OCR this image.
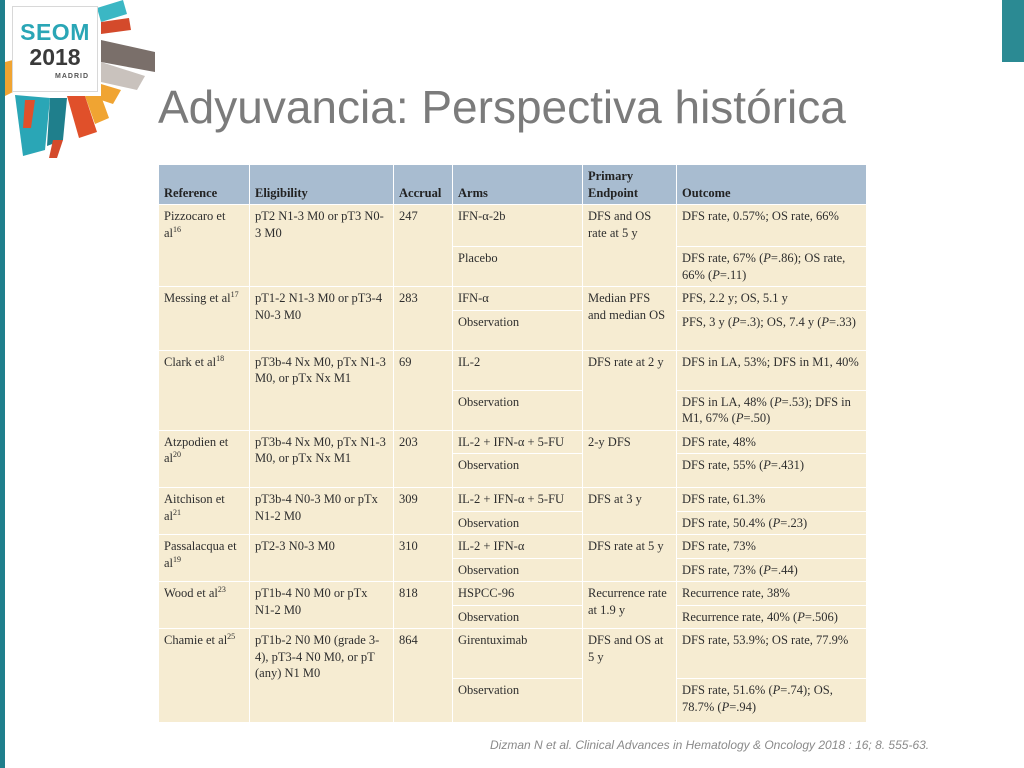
SEOM
2018
MADRID
Adyuvancia: Perspectiva histórica
Reference	Eligibility	Accrual	Arms	Primary Endpoint	Outcome
Pizzocaro et $al^{16}$	pT2 N1-3 M0 or pT3 N0-3 M0	247	IFN-α-2b	DFS and OS rate at 5 y	DFS rate, 0.57%; OS rate, 66%
			Placebo		DFS rate, 67% (P=.86); OS rate, 66% (P=.11)
Messing et $al^{17}$	pT1-2 N1-3 M0 or pT3-4 N0-3 M0	283	IFN-α	Median PFS and median OS	PFS, 2.2 y; OS, 5.1 y
			Observation		PFS, 3 y (P=.3); OS, 7.4 y (P=.33)
Clark et $al^{18}$	pT3b-4 Nx M0, pTx N1-3 M0, or pTx Nx M1	69	IL-2	DFS rate at 2 y	DFS in LA, 53%; DFS in M1, 40%
			Observation		DFS in LA, 48% (P=.53); DFS in M1, 67% (P=.50)
Atzpodien et $al^{20}$	pT3b-4 Nx M0, pTx N1-3 M0, or pTx Nx M1	203	IL-2 + IFN-α + 5-FU	2-y DFS	DFS rate, 48%
			Observation		DFS rate, 55% (P=.431)
Aitchison et $al^{21}$	pT3b-4 N0-3 M0 or pTx N1-2 M0	309	IL-2 + IFN-α + 5-FU	DFS at 3 y	DFS rate, 61.3%
			Observation		DFS rate, 50.4% (P=.23)
Passalacqua et $al^{19}$	pT2-3 N0-3 M0	310	IL-2 + IFN-α	DFS rate at 5 y	DFS rate, 73%
			Observation		DFS rate, 73% (P=.44)
Wood et $al^{23}$	pT1b-4 N0 M0 or pTx N1-2 M0	818	HSPCC-96	Recurrence rate at 1.9 y	Recurrence rate, 38%
			Observation		Recurrence rate, 40% (P=.506)
Chamie et $al^{25}$	pT1b-2 N0 M0 (grade 3-4), pT3-4 N0 M0, or pT (any) N1 M0	864	Girentuximab	DFS and OS at 5 y	DFS rate, 53.9%; OS rate, 77.9%
			Observation		DFS rate, 51.6% (P=.74); OS, 78.7% (P=.94)
Dizman N et al. Clinical Advances in Hematology & Oncology 2018 : 16; 8. 555-63.
